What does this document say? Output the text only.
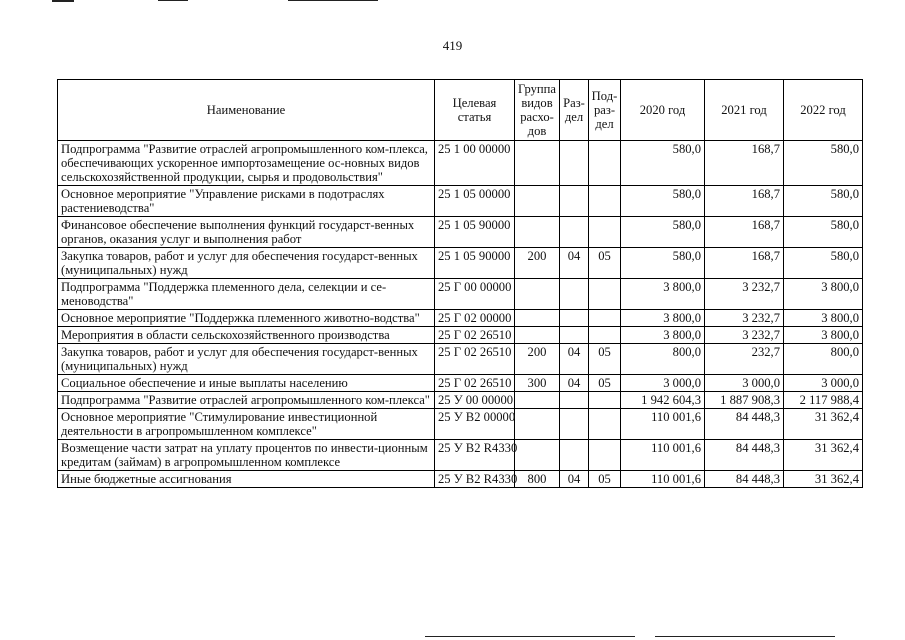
419
Наименование	Целевая статья	Группа видов расхо-дов	Раз-дел	Под-раз-дел	2020 год	2021 год	2022 год
Подпрограмма "Развитие отраслей агропромышленного ком-плекса, обеспечивающих ускоренное импортозамещение ос-новных видов сельскохозяйственной продукции, сырья и продовольствия"	25 1 00 00000				580,0	168,7	580,0
Основное мероприятие "Управление рисками в подотраслях растениеводства"	25 1 05 00000				580,0	168,7	580,0
Финансовое обеспечение выполнения функций государст-венных органов, оказания услуг и выполнения работ	25 1 05 90000				580,0	168,7	580,0
Закупка товаров, работ и услуг для обеспечения государст-венных (муниципальных) нужд	25 1 05 90000	200	04	05	580,0	168,7	580,0
Подпрограмма "Поддержка племенного дела, селекции и се-меноводства"	25 Г 00 00000				3 800,0	3 232,7	3 800,0
Основное мероприятие "Поддержка племенного животно-водства"	25 Г 02 00000				3 800,0	3 232,7	3 800,0
Мероприятия в области сельскохозяйственного производства	25 Г 02 26510				3 800,0	3 232,7	3 800,0
Закупка товаров, работ и услуг для обеспечения государст-венных (муниципальных) нужд	25 Г 02 26510	200	04	05	800,0	232,7	800,0
Социальное обеспечение и иные выплаты населению	25 Г 02 26510	300	04	05	3 000,0	3 000,0	3 000,0
Подпрограмма "Развитие отраслей агропромышленного ком-плекса"	25 У 00 00000				1 942 604,3	1 887 908,3	2 117 988,4
Основное мероприятие "Стимулирование инвестиционной деятельности в агропромышленном комплексе"	25 У В2 00000				110 001,6	84 448,3	31 362,4
Возмещение части затрат на уплату процентов по инвести-ционным кредитам (займам) в агропромышленном комплексе	25 У В2 R4330				110 001,6	84 448,3	31 362,4
Иные бюджетные ассигнования	25 У В2 R4330	800	04	05	110 001,6	84 448,3	31 362,4
